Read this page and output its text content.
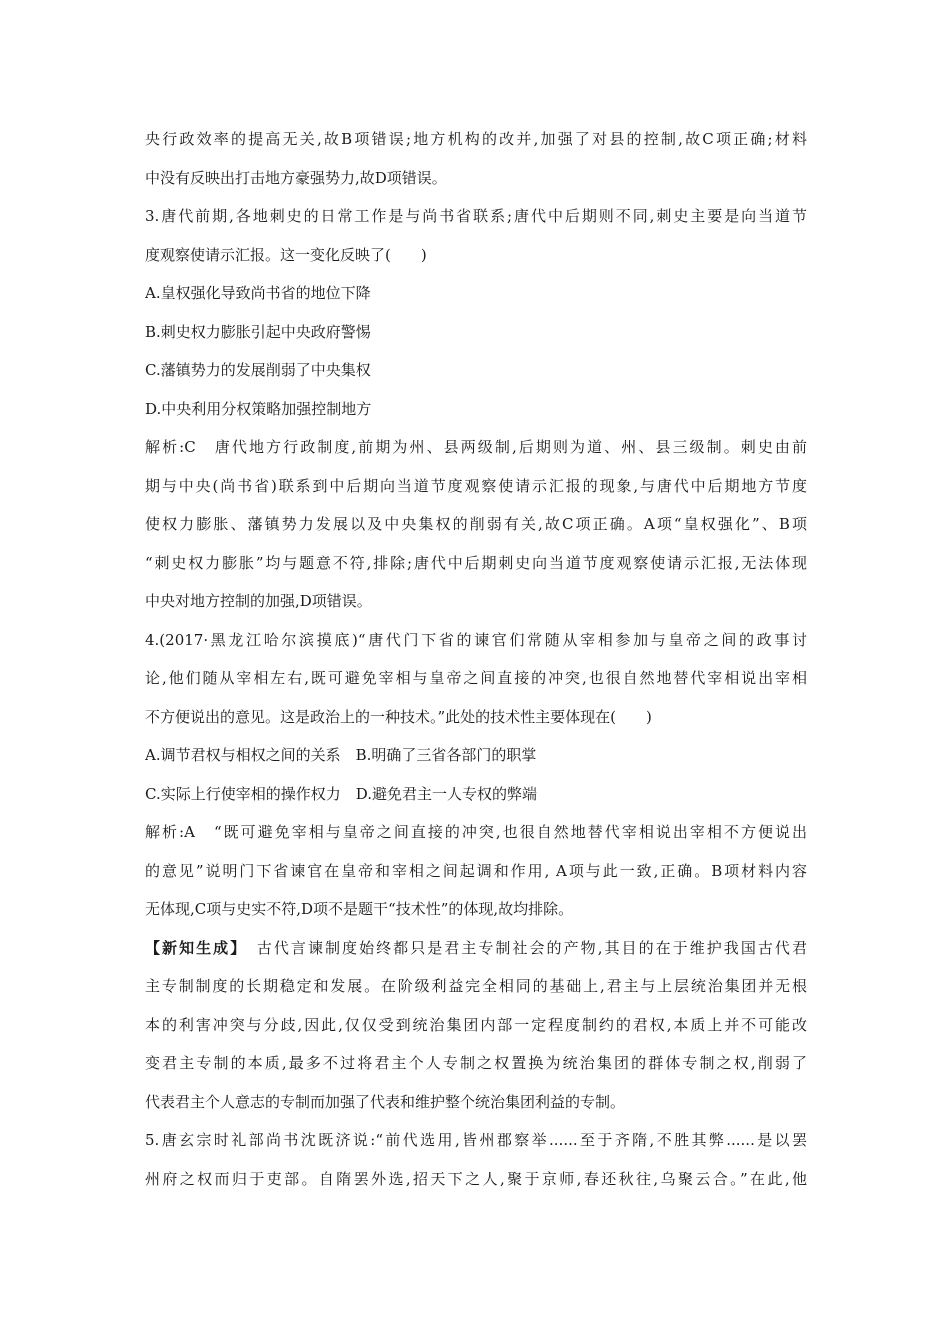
央行政效率的提高无关,故B项错误;地方机构的改并,加强了对县的控制,故C项正确;材料
中没有反映出打击地方豪强势力,故D项错误。
3.唐代前期,各地刺史的日常工作是与尚书省联系;唐代中后期则不同,刺史主要是向当道节
度观察使请示汇报。这一变化反映了(　　)
A.皇权强化导致尚书省的地位下降
B.刺史权力膨胀引起中央政府警惕
C.藩镇势力的发展削弱了中央集权
D.中央利用分权策略加强控制地方
解析:C　唐代地方行政制度,前期为州、县两级制,后期则为道、州、县三级制。刺史由前
期与中央(尚书省)联系到中后期向当道节度观察使请示汇报的现象,与唐代中后期地方节度
使权力膨胀、藩镇势力发展以及中央集权的削弱有关,故C项正确。A项“皇权强化”、B项
“刺史权力膨胀”均与题意不符,排除;唐代中后期刺史向当道节度观察使请示汇报,无法体现
中央对地方控制的加强,D项错误。
4.(2017·黑龙江哈尔滨摸底)“唐代门下省的谏官们常随从宰相参加与皇帝之间的政事讨
论,他们随从宰相左右,既可避免宰相与皇帝之间直接的冲突,也很自然地替代宰相说出宰相
不方便说出的意见。这是政治上的一种技术。”此处的技术性主要体现在(　　)
A.调节君权与相权之间的关系　B.明确了三省各部门的职掌
C.实际上行使宰相的操作权力　D.避免君主一人专权的弊端
解析:A　“既可避免宰相与皇帝之间直接的冲突,也很自然地替代宰相说出宰相不方便说出
的意见”说明门下省谏官在皇帝和宰相之间起调和作用, A项与此一致,正确。B项材料内容
无体现,C项与史实不符,D项不是题干“技术性”的体现,故均排除。
【新知生成】　古代言谏制度始终都只是君主专制社会的产物,其目的在于维护我国古代君
主专制制度的长期稳定和发展。在阶级利益完全相同的基础上,君主与上层统治集团并无根
本的利害冲突与分歧,因此,仅仅受到统治集团内部一定程度制约的君权,本质上并不可能改
变君主专制的本质,最多不过将君主个人专制之权置换为统治集团的群体专制之权,削弱了
代表君主个人意志的专制而加强了代表和维护整个统治集团利益的专制。
5.唐玄宗时礼部尚书沈既济说:“前代选用,皆州郡察举......至于齐隋,不胜其弊......是以罢
州府之权而归于吏部。自隋罢外选,招天下之人,聚于京师,春还秋往,乌聚云合。”在此,他
